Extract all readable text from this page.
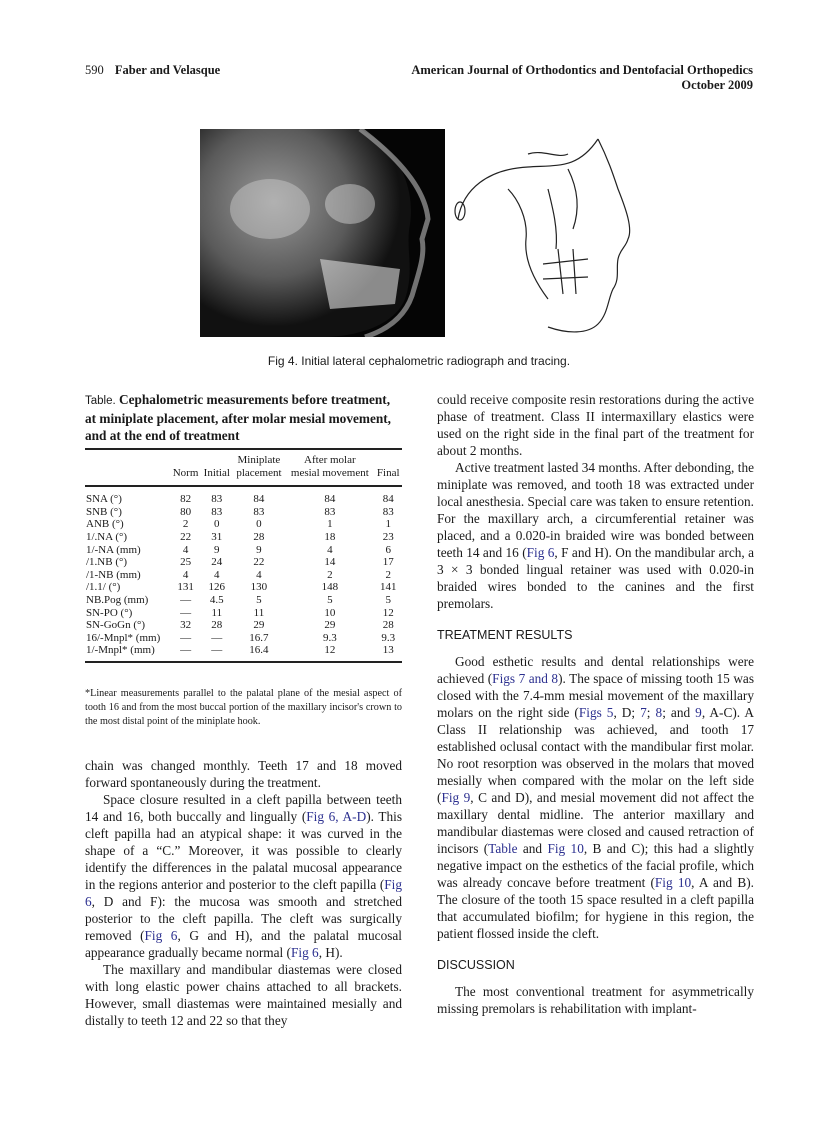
590 Faber and Velasque	American Journal of Orthodontics and Dentofacial Orthopedics
October 2009
Fig 4. Initial lateral cephalometric radiograph and tracing.
Table. Cephalometric measurements before treatment, at miniplate placement, after molar mesial movement, and at the end of treatment
			Miniplate	After molar	
	Norm	Initial	placement	mesial movement	Final
SNA (°)	82	83	84	84	84
SNB (°)	80	83	83	83	83
ANB (°)	2	0	0	1	1
1/.NA (°)	22	31	28	18	23
1/-NA (mm)	4	9	9	4	6
/1.NB (°)	25	24	22	14	17
/1-NB (mm)	4	4	4	2	2
/1.1/ (°)	131	126	130	148	141
NB.Pog (mm)	—	4.5	5	5	5
SN-PO (°)	—	11	11	10	12
SN-GoGn (°)	32	28	29	29	28
16/-Mnpl* (mm)	—	—	16.7	9.3	9.3
1/-Mnpl* (mm)	—	—	16.4	12	13
*Linear measurements parallel to the palatal plane of the mesial aspect of tooth 16 and from the most buccal portion of the maxillary incisor's crown to the most distal point of the miniplate hook.

chain was changed monthly. Teeth 17 and 18 moved forward spontaneously during the treatment.

Space closure resulted in a cleft papilla between teeth 14 and 16, both buccally and lingually (Fig 6, A-D). This cleft papilla had an atypical shape: it was curved in the shape of a “C.” Moreover, it was possible to clearly identify the differences in the palatal mucosal appearance in the regions anterior and posterior to the cleft papilla (Fig 6, D and F): the mucosa was smooth and stretched posterior to the cleft papilla. The cleft was surgically removed (Fig 6, G and H), and the palatal mucosal appearance gradually became normal (Fig 6, H).

The maxillary and mandibular diastemas were closed with long elastic power chains attached to all brackets. However, small diastemas were maintained mesially and distally to teeth 12 and 22 so that they

could receive composite resin restorations during the active phase of treatment. Class II intermaxillary elastics were used on the right side in the final part of the treatment for about 2 months.

Active treatment lasted 34 months. After debonding, the miniplate was removed, and tooth 18 was extracted under local anesthesia. Special care was taken to ensure retention. For the maxillary arch, a circumferential retainer was placed, and a 0.020-in braided wire was bonded between teeth 14 and 16 (Fig 6, F and H). On the mandibular arch, a 3 × 3 bonded lingual retainer was used with 0.020-in braided wires bonded to the canines and the first premolars.

TREATMENT RESULTS

Good esthetic results and dental relationships were achieved (Figs 7 and 8). The space of missing tooth 15 was closed with the 7.4-mm mesial movement of the maxillary molars on the right side (Figs 5, D; 7; 8; and 9, A-C). A Class II relationship was achieved, and tooth 17 established oclusal contact with the mandibular first molar. No root resorption was observed in the molars that moved mesially when compared with the molar on the left side (Fig 9, C and D), and mesial movement did not affect the maxillary dental midline. The anterior maxillary and mandibular diastemas were closed and caused retraction of incisors (Table and Fig 10, B and C); this had a slightly negative impact on the esthetics of the facial profile, which was already concave before treatment (Fig 10, A and B). The closure of the tooth 15 space resulted in a cleft papilla that accumulated biofilm; for hygiene in this region, the patient flossed inside the cleft.

DISCUSSION

The most conventional treatment for asymmetrically missing premolars is rehabilitation with implant-
